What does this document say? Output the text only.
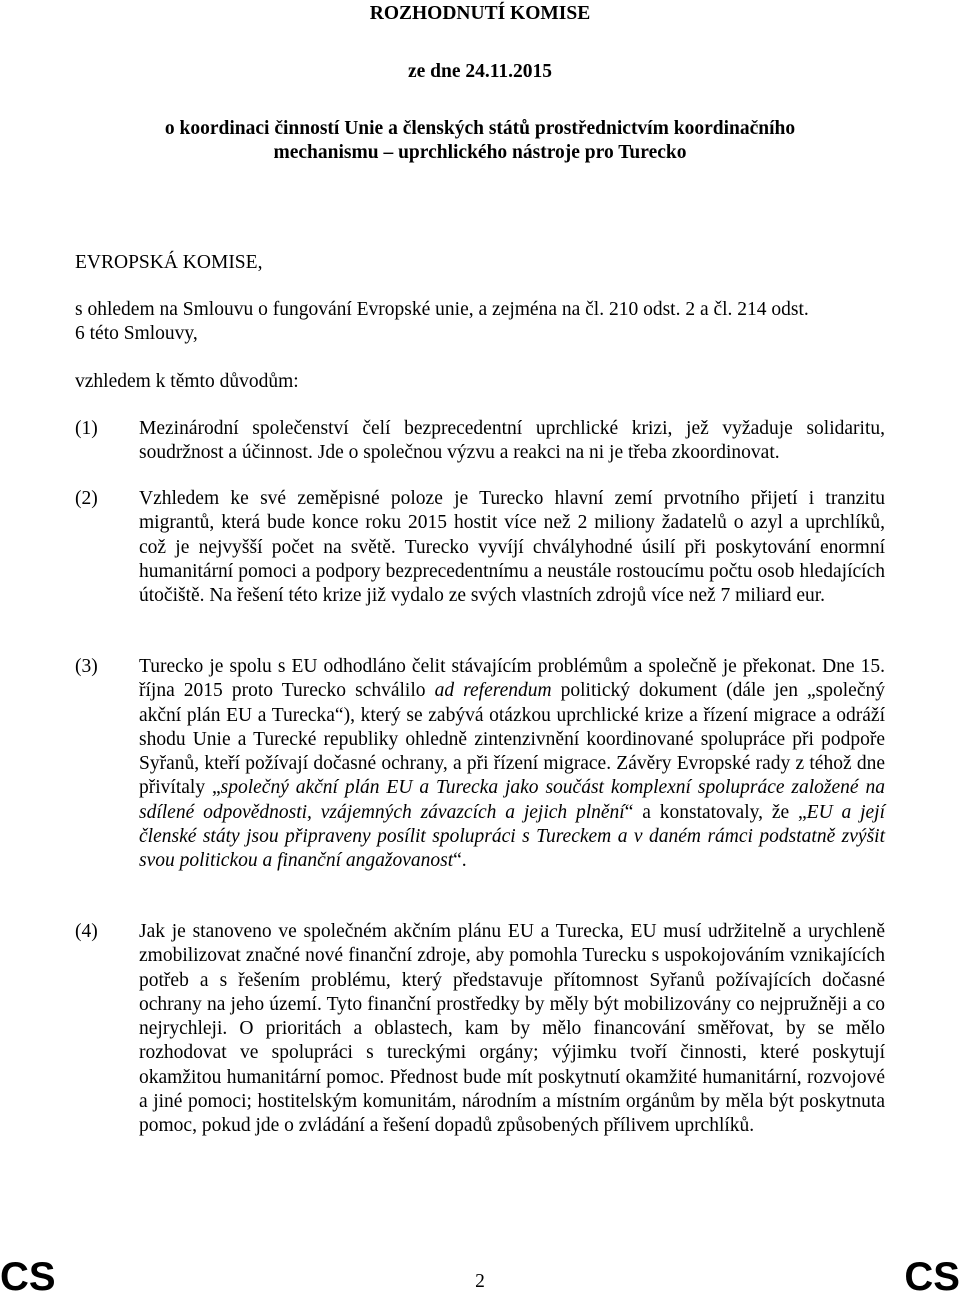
ROZHODNUTÍ KOMISE
ze dne 24.11.2015
o koordinaci činností Unie a členských států prostřednictvím koordinačního
mechanismu – uprchlického nástroje pro Turecko
EVROPSKÁ KOMISE,
s ohledem na Smlouvu o fungování Evropské unie, a zejména na čl. 210 odst. 2 a čl. 214 odst.
6 této Smlouvy,
vzhledem k těmto důvodům:
(1) Mezinárodní společenství čelí bezprecedentní uprchlické krizi, jež vyžaduje solidaritu, soudržnost a účinnost. Jde o společnou výzvu a reakci na ni je třeba zkoordinovat.
(2) Vzhledem ke své zeměpisné poloze je Turecko hlavní zemí prvotního přijetí i tranzitu migrantů, která bude konce roku 2015 hostit více než 2 miliony žadatelů o azyl a uprchlíků, což je nejvyšší počet na světě. Turecko vyvíjí chvályhodné úsilí při poskytování enormní humanitární pomoci a podpory bezprecedentnímu a neustále rostoucímu počtu osob hledajících útočiště. Na řešení této krize již vydalo ze svých vlastních zdrojů více než 7 miliard eur.
(3) Turecko je spolu s EU odhodláno čelit stávajícím problémům a společně je překonat. Dne 15. října 2015 proto Turecko schválilo ad referendum politický dokument (dále jen „společný akční plán EU a Turecka“), který se zabývá otázkou uprchlické krize a řízení migrace a odráží shodu Unie a Turecké republiky ohledně zintenzivnění koordinované spolupráce při podpoře Syřanů, kteří požívají dočasné ochrany, a při řízení migrace. Závěry Evropské rady z téhož dne přivítaly „společný akční plán EU a Turecka jako součást komplexní spolupráce založené na sdílené odpovědnosti, vzájemných závazcích a jejich plnění“ a konstatovaly, že „EU a její členské státy jsou připraveny posílit spolupráci s Tureckem a v daném rámci podstatně zvýšit svou politickou a finanční angažovanost“.
(4) Jak je stanoveno ve společném akčním plánu EU a Turecka, EU musí udržitelně a urychleně zmobilizovat značné nové finanční zdroje, aby pomohla Turecku s uspokojováním vznikajících potřeb a s řešením problému, který představuje přítomnost Syřanů požívajících dočasné ochrany na jeho území. Tyto finanční prostředky by měly být mobilizovány co nejpružněji a co nejrychleji. O prioritách a oblastech, kam by mělo financování směřovat, by se mělo rozhodovat ve spolupráci s tureckými orgány; výjimku tvoří činnosti, které poskytují okamžitou humanitární pomoc. Přednost bude mít poskytnutí okamžité humanitární, rozvojové a jiné pomoci; hostitelským komunitám, národním a místním orgánům by měla být poskytnuta pomoc, pokud jde o zvládání a řešení dopadů způsobených přílivem uprchlíků.
CS	2	CS
